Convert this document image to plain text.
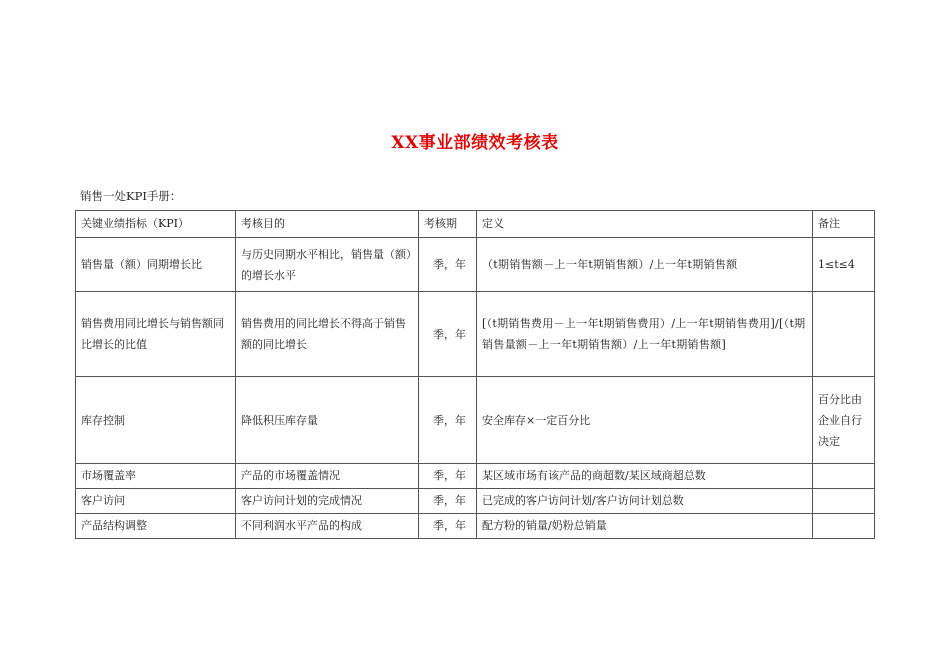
XX事业部绩效考核表
销售一处KPI手册：
关键业绩指标（KPI）	考核目的	考核期	定义	备注
销售量（额）同期增长比	与历史同期水平相比，销售量（额）的增长水平	季，年	（t期销售额－上一年t期销售额）/上一年t期销售额	1≤t≤4
销售费用同比增长与销售额同比增长的比值	销售费用的同比增长不得高于销售额的同比增长	季，年	[（t期销售费用－上一年t期销售费用）/上一年t期销售费用]/[（t期销售量额－上一年t期销售额）/上一年t期销售额]	
库存控制	降低积压库存量	季，年	安全库存×一定百分比	百分比由企业自行决定
市场覆盖率	产品的市场覆盖情况	季，年	某区域市场有该产品的商超数/某区域商超总数	
客户访问	客户访问计划的完成情况	季，年	已完成的客户访问计划/客户访问计划总数	
产品结构调整	不同利润水平产品的构成	季，年	配方粉的销量/奶粉总销量	
